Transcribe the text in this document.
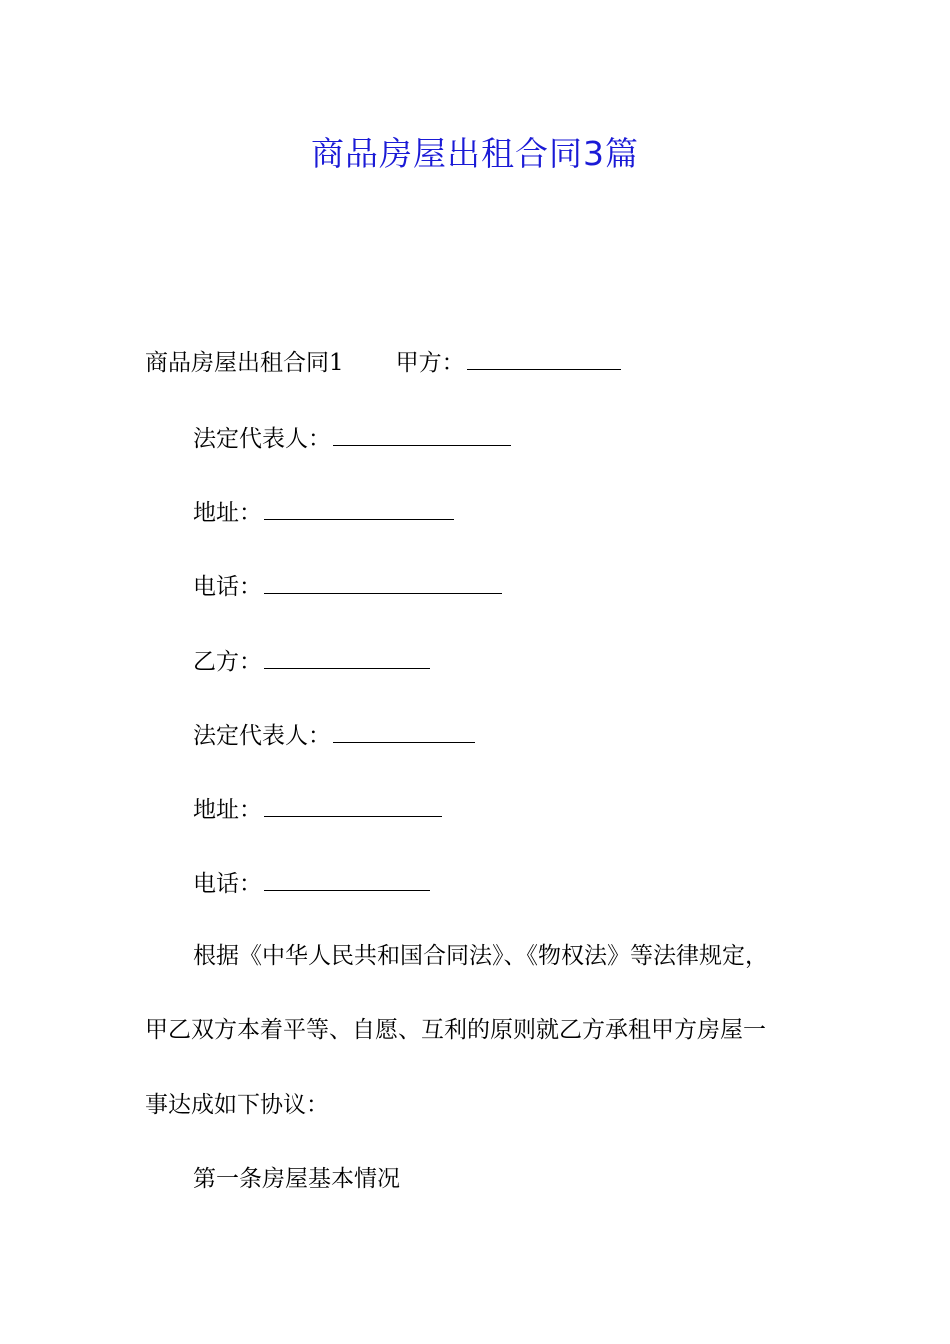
商品房屋出租合同3篇
商品房屋出租合同1 甲方：
法定代表人：
地址：
电话：
乙方：
法定代表人：
地址：
电话：
根据《中华人民共和国合同法》、《物权法》等法律规定，
甲乙双方本着平等、自愿、互利的原则就乙方承租甲方房屋一
事达成如下协议：
第一条房屋基本情况
